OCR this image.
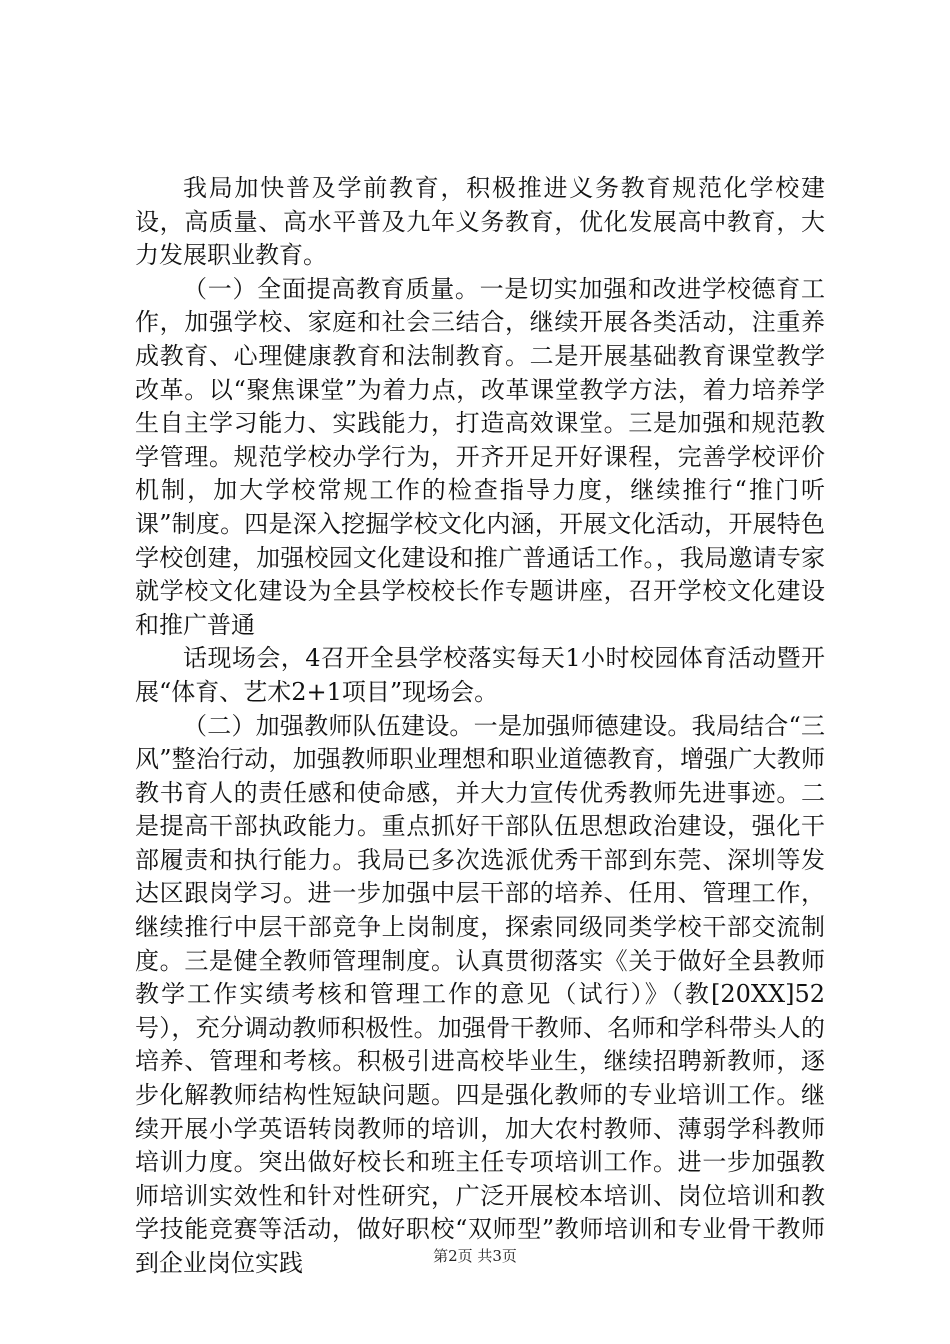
我局加快普及学前教育，积极推进义务教育规范化学校建设，高质量、高水平普及九年义务教育，优化发展高中教育，大力发展职业教育。

（一）全面提高教育质量。一是切实加强和改进学校德育工作，加强学校、家庭和社会三结合，继续开展各类活动，注重养成教育、心理健康教育和法制教育。二是开展基础教育课堂教学改革。以“聚焦课堂”为着力点，改革课堂教学方法，着力培养学生自主学习能力、实践能力，打造高效课堂。三是加强和规范教学管理。规范学校办学行为，开齐开足开好课程，完善学校评价机制，加大学校常规工作的检查指导力度，继续推行“推门听课”制度。四是深入挖掘学校文化内涵，开展文化活动，开展特色学校创建，加强校园文化建设和推广普通话工作。，我局邀请专家就学校文化建设为全县学校校长作专题讲座，召开学校文化建设和推广普通

话现场会，4召开全县学校落实每天1小时校园体育活动暨开展“体育、艺术2+1项目”现场会。

（二）加强教师队伍建设。一是加强师德建设。我局结合“三风”整治行动，加强教师职业理想和职业道德教育，增强广大教师教书育人的责任感和使命感，并大力宣传优秀教师先进事迹。二是提高干部执政能力。重点抓好干部队伍思想政治建设，强化干部履责和执行能力。我局已多次选派优秀干部到东莞、深圳等发达区跟岗学习。进一步加强中层干部的培养、任用、管理工作，继续推行中层干部竞争上岗制度，探索同级同类学校干部交流制度。三是健全教师管理制度。认真贯彻落实《关于做好全县教师教学工作实绩考核和管理工作的意见（试行）》（教[20XX]52号），充分调动教师积极性。加强骨干教师、名师和学科带头人的培养、管理和考核。积极引进高校毕业生，继续招聘新教师，逐步化解教师结构性短缺问题。四是强化教师的专业培训工作。继续开展小学英语转岗教师的培训，加大农村教师、薄弱学科教师培训力度。突出做好校长和班主任专项培训工作。进一步加强教师培训实效性和针对性研究，广泛开展校本培训、岗位培训和教学技能竞赛等活动，做好职校“双师型”教师培训和专业骨干教师到企业岗位实践	第2页 共3页
